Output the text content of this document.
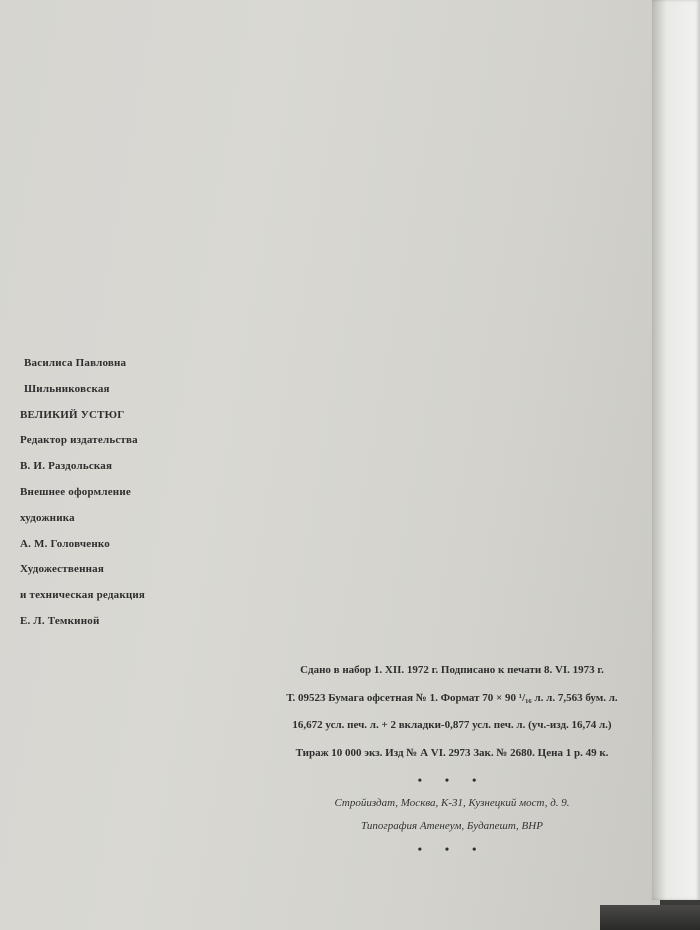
Василиса Павловна
Шильниковская
ВЕЛИКИЙ УСТЮГ
Редактор издательства
В. И. Раздольская
Внешнее оформление
художника
А. М. Головченко
Художественная
и техническая редакция
Е. Л. Темкиной
Сдано в набор 1. XII. 1972 г. Подписано к печати 8. VI. 1973 г.
Т. 09523 Бумага офсетная № 1. Формат 70 × 90 ¹/₁₆ л. л. 7,563 бум. л.
16,672 усл. печ. л. + 2 вкладки-0,877 усл. печ. л. (уч.-изд. 16,74 л.)
Тираж 10 000 экз. Изд № А VI. 2973 Зак. № 2680. Цена 1 р. 49 к.
• • •
Стройиздат, Москва, К-31, Кузнецкий мост, д. 9.
Типография Атенеум, Будапешт, ВНР
• • •
